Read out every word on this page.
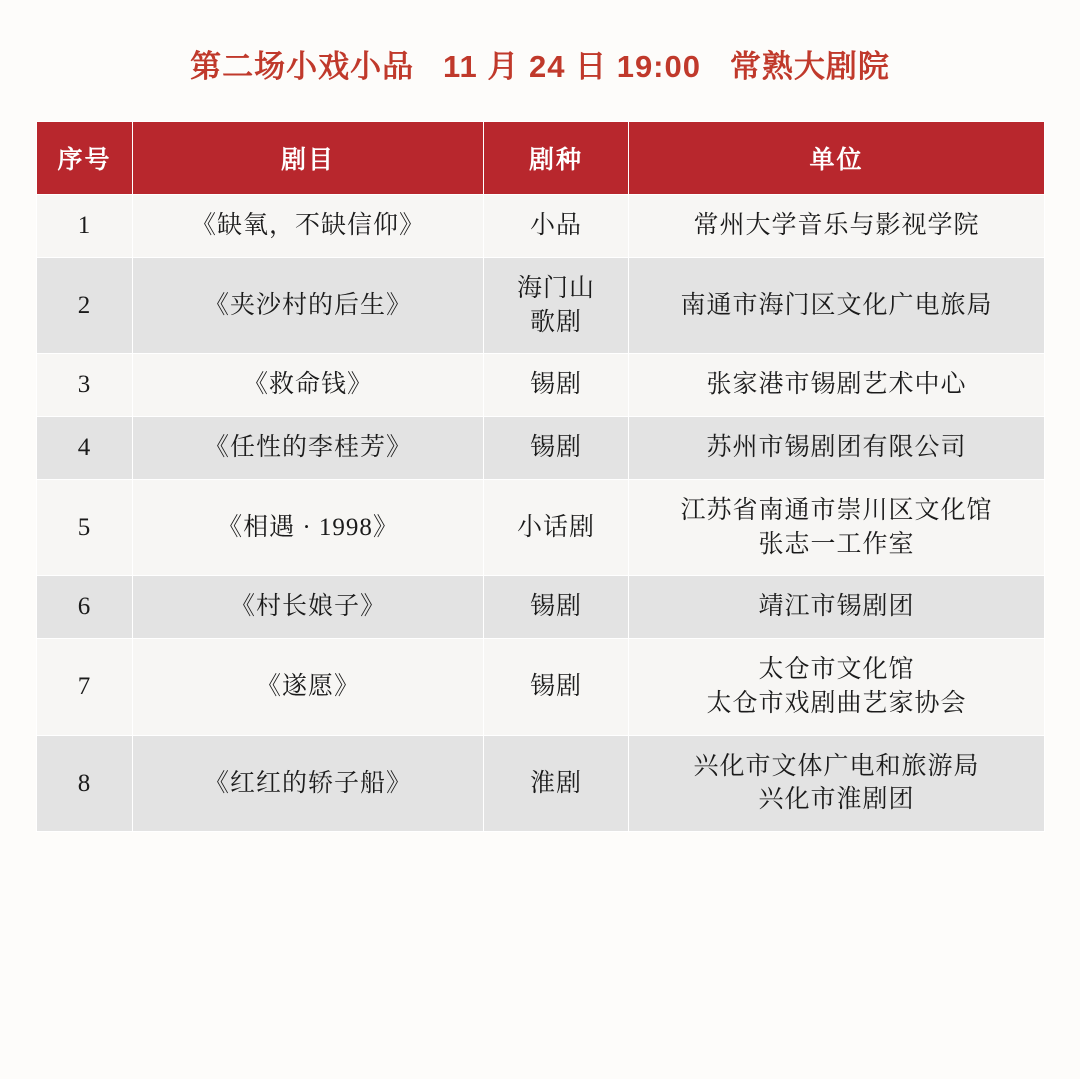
第二场小戏小品   11 月 24 日 19:00   常熟大剧院
序号	剧目	剧种	单位
1	《缺氧，不缺信仰》	小品	常州大学音乐与影视学院

2	《夹沙村的后生》	海门山
歌剧	南通市海门区文化广电旅局

3	《救命钱》	锡剧	张家港市锡剧艺术中心

4	《任性的李桂芳》	锡剧	苏州市锡剧团有限公司

5	《相遇 · 1998》	小话剧	江苏省南通市崇川区文化馆
张志一工作室

6	《村长娘子》	锡剧	靖江市锡剧团

7	《遂愿》	锡剧	太仓市文化馆
太仓市戏剧曲艺家协会

8	《红红的轿子船》	淮剧	兴化市文体广电和旅游局
兴化市淮剧团
